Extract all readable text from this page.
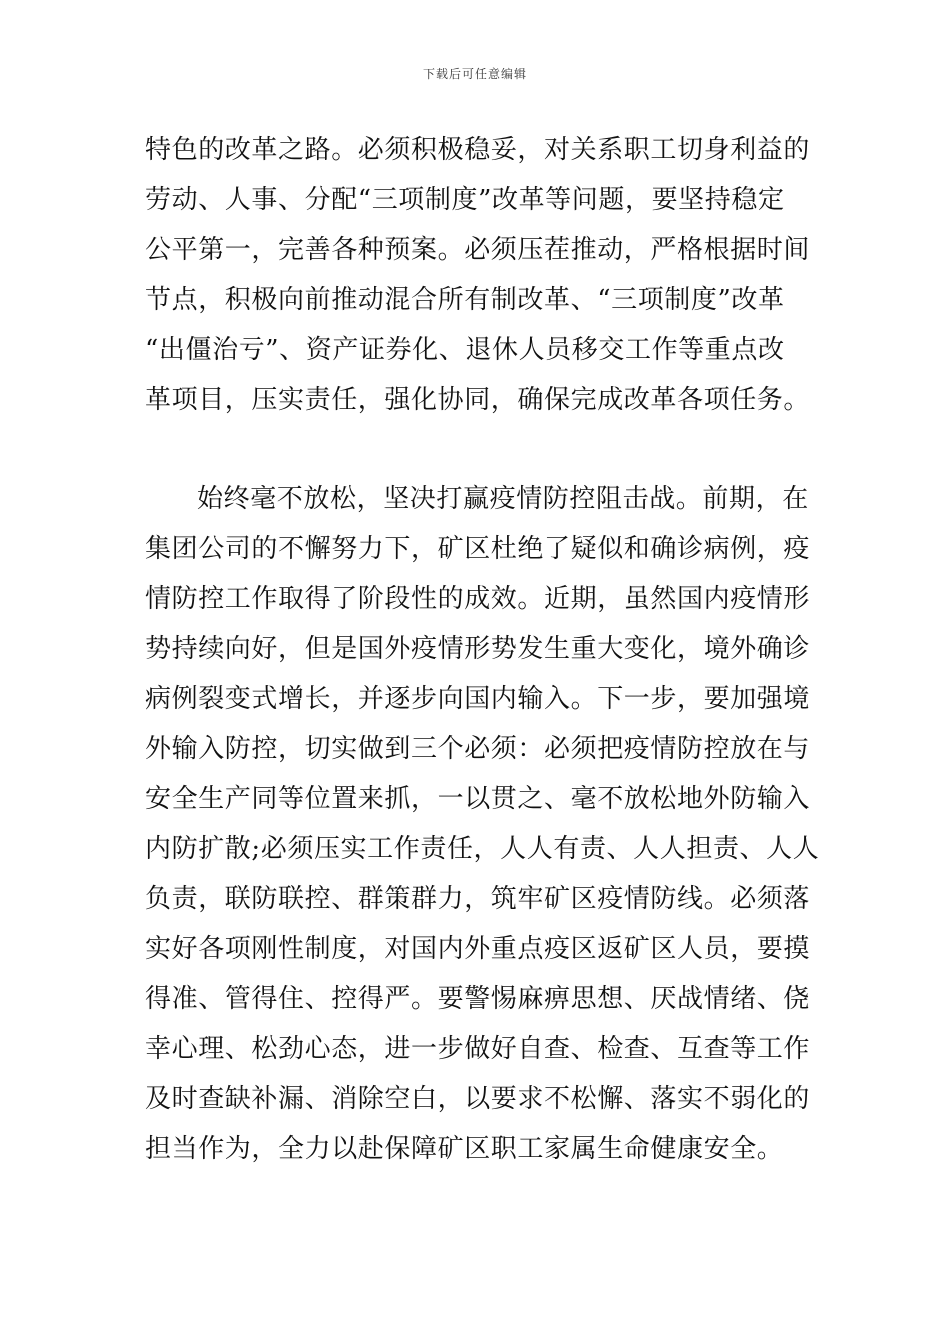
下载后可任意编辑
特色的改革之路。必须积极稳妥，对关系职工切身利益的
劳动、人事、分配“三项制度”改革等问题，要坚持稳定
公平第一，完善各种预案。必须压茬推动，严格根据时间
节点，积极向前推动混合所有制改革、“三项制度”改革
“出僵治亏”、资产证券化、退休人员移交工作等重点改
革项目，压实责任，强化协同，确保完成改革各项任务。
始终毫不放松，坚决打赢疫情防控阻击战。前期，在
集团公司的不懈努力下，矿区杜绝了疑似和确诊病例，疫
情防控工作取得了阶段性的成效。近期，虽然国内疫情形
势持续向好，但是国外疫情形势发生重大变化，境外确诊
病例裂变式增长，并逐步向国内输入。下一步，要加强境
外输入防控，切实做到三个必须：必须把疫情防控放在与
安全生产同等位置来抓，一以贯之、毫不放松地外防输入
内防扩散;必须压实工作责任，人人有责、人人担责、人人
负责，联防联控、群策群力，筑牢矿区疫情防线。必须落
实好各项刚性制度，对国内外重点疫区返矿区人员，要摸
得准、管得住、控得严。要警惕麻痹思想、厌战情绪、侥
幸心理、松劲心态，进一步做好自查、检查、互查等工作
及时查缺补漏、消除空白，以要求不松懈、落实不弱化的
担当作为，全力以赴保障矿区职工家属生命健康安全。
